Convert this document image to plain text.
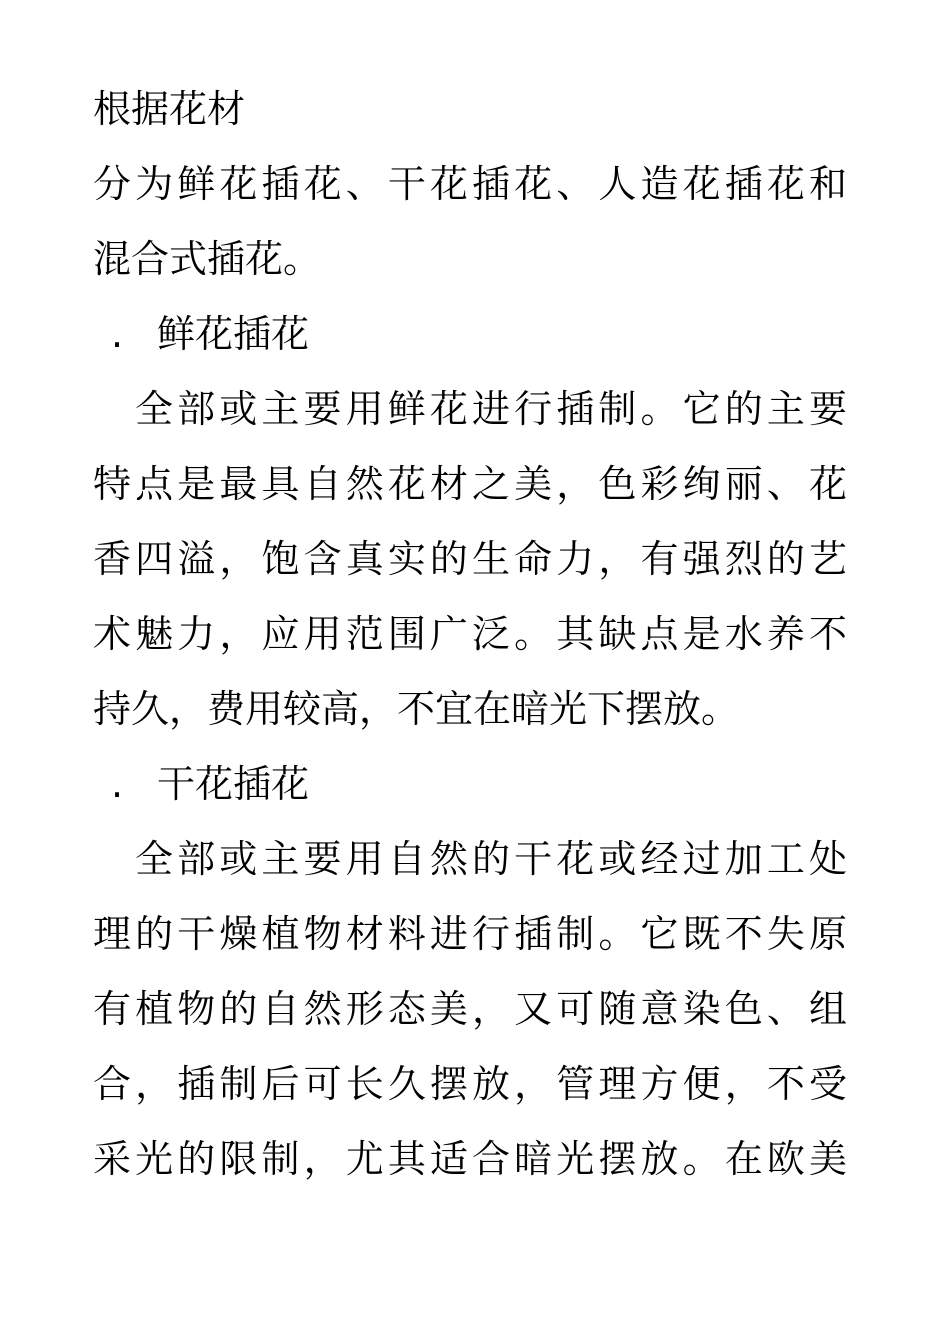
根据花材
分为鲜花插花、干花插花、人造花插花和
混合式插花。
. 鲜花插花
全部或主要用鲜花进行插制。它的主要
特点是最具自然花材之美，色彩绚丽、花
香四溢，饱含真实的生命力，有强烈的艺
术魅力，应用范围广泛。其缺点是水养不
持久，费用较高，不宜在暗光下摆放。
. 干花插花
全部或主要用自然的干花或经过加工处
理的干燥植物材料进行插制。它既不失原
有植物的自然形态美，又可随意染色、组
合，插制后可长久摆放，管理方便，不受
采光的限制，尤其适合暗光摆放。在欧美
